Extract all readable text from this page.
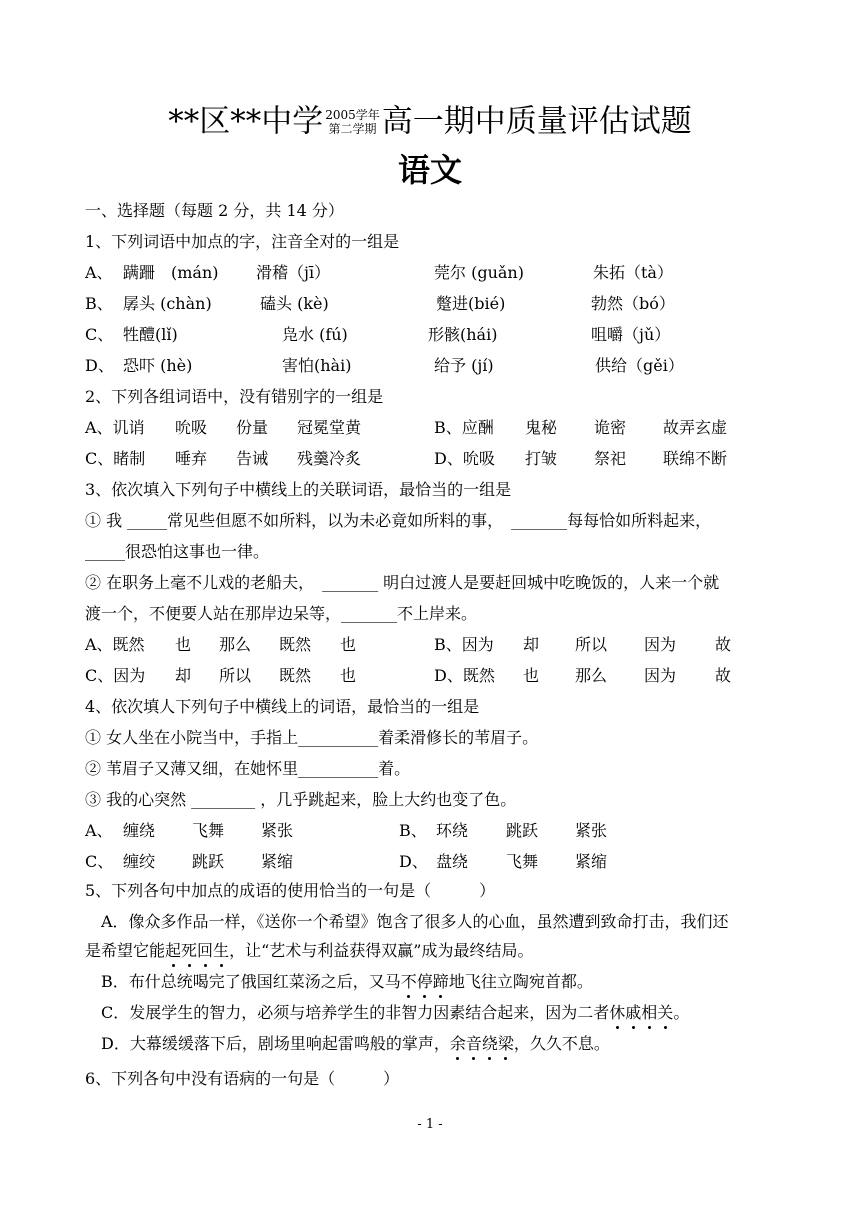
**区**中学 2005学年
第二学期 高一期中质量评估试题
语文
一、选择题（每题 2 分，共 14 分）
1、下列词语中加点的字，注音全对的一组是
A、 蹒跚　(mán) 滑稽（jī）	莞尔 (guǎn)	朱拓（tà）
B、 孱头 (chàn)	磕头 (kè)	蹩进(bié)	勃然（bó）
C、 牲醴(lǐ)	凫水 (fú)	形骸(hái)	咀嚼（jǔ）
D、 恐吓 (hè)	害怕(hài)	给予 (jí)	供给（gěi）
2、下列各组词语中，没有错别字的一组是
A、讥诮 吮吸 份量 冠冕堂黄	B、应酬 鬼秘 诡密 故弄玄虚
C、睹制 唾弃 告诫 残羹冷炙	D、吮吸 打皱 祭祀 联绵不断
3、依次填入下列句子中横线上的关联词语，最恰当的一组是
① 我 _____常见些但愿不如所料，以为未必竟如所料的事，　_______每每恰如所料起来，
_____很恐怕这事也一律。
② 在职务上毫不儿戏的老船夫，　_______ 明白过渡人是要赶回城中吃晚饭的，人来一个就
渡一个，不便要人站在那岸边呆等，_______不上岸来。
A、既然 也 那么 既然 也	B、因为 却 所以 因为 故
C、因为 却 所以 既然 也	D、既然 也 那么 因为 故
4、依次填人下列句子中横线上的词语，最恰当的一组是
① 女人坐在小院当中，手指上__________着柔滑修长的苇眉子。
② 苇眉子又薄又细，在她怀里__________着。
③ 我的心突然 ________ ，几乎跳起来，脸上大约也变了色。
A、 缠绕 飞舞 紧张	B、 环绕 跳跃 紧张
C、 缠绞 跳跃 紧缩	D、 盘绕 飞舞 紧缩
5、下列各句中加点的成语的使用恰当的一句是（　　　）
A．像众多作品一样，《送你一个希望》饱含了很多人的心血，虽然遭到致命打击，我们还
是希望它能起死回生，让“艺术与利益获得双赢”成为最终结局。
B．布什总统喝完了俄国红菜汤之后，又马不停蹄地飞往立陶宛首都。
C．发展学生的智力，必须与培养学生的非智力因素结合起来，因为二者休戚相关。
D．大幕缓缓落下后，剧场里响起雷鸣般的掌声，余音绕梁，久久不息。
6、下列各句中没有语病的一句是（　　　）
- 1 -
